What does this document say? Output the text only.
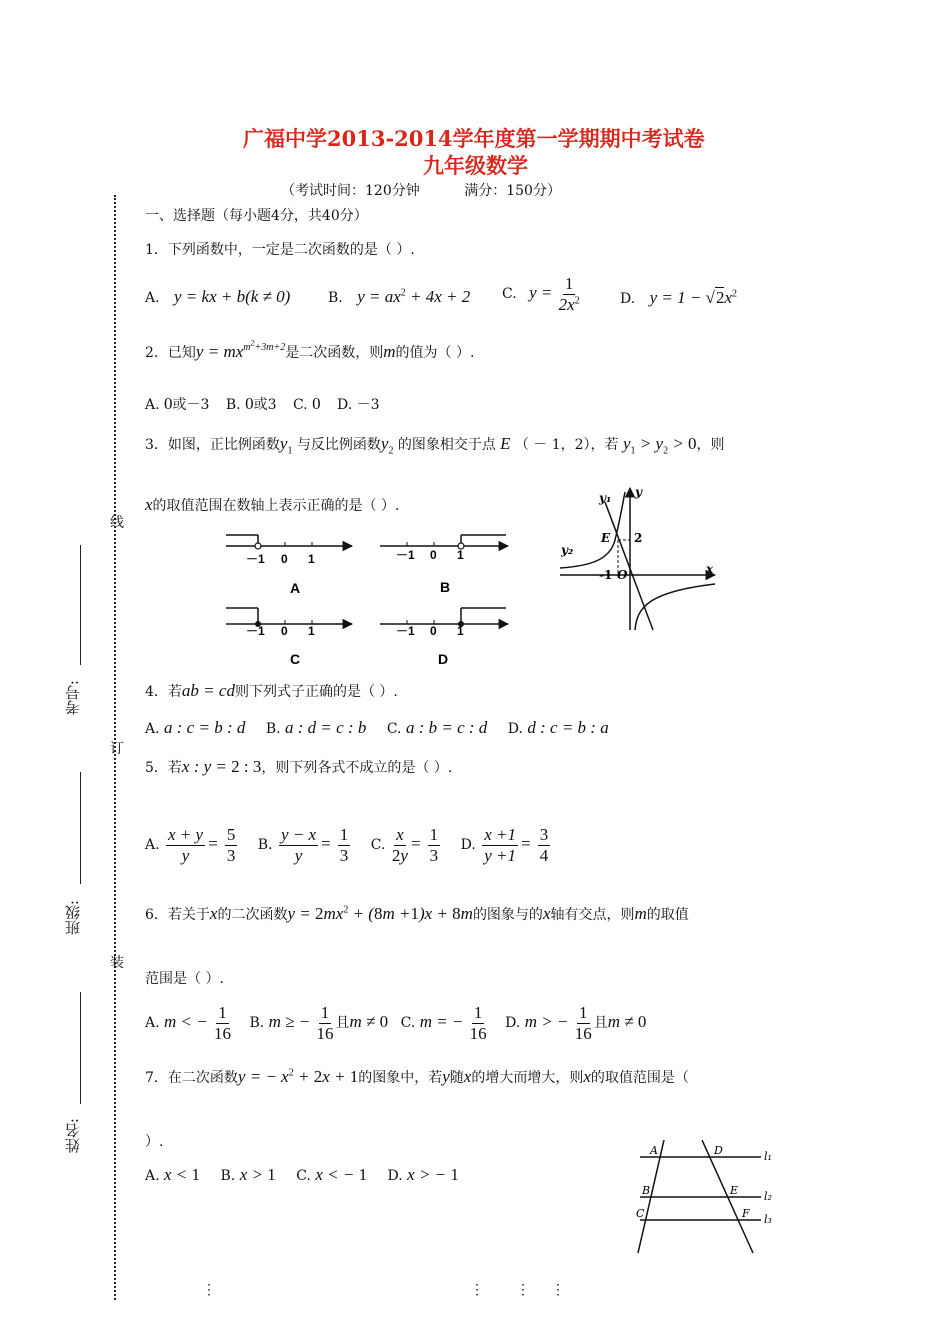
广福中学2013-2014学年度第一学期期中考试卷
九年级数学
（考试时间：120分钟          满分：150分）
线
订
装
考号:
班级:
姓名:
一、选择题（每小题4分，共40分）
1．下列函数中，一定是二次函数的是（ ）.
A. y = kx + b(k ≠ 0)	B. $y = ax^2 + 4x + 2$ C. $y = \frac{1}{2x^2}$	D. $y = 1 - √2x^2$
2．已知$y = mx^{m^2+3m+2}$是二次函数，则m的值为（ ）.
A. 0或－3 B. 0或3 C. 0 D. －3
3．如图，正比例函数$y_1$ 与反比例函数$y_2$ 的图象相交于点 E （ － 1，2），若 $y_1 > y_2 > 0$，则
x的取值范围在数轴上表示正确的是（ ）.
－1 0 1
A
－1 0 1
C
－1 0 1
B
－1 0 1
D
y₁ y
y₂
E 2
-1 O	x
4．若ab = cd则下列式子正确的是（ ）.
A. a : c = b : d B. a : d = c : b C. a : b = c : d D. d : c = b : a
5．若x : y = 2 : 3，则下列各式不成立的是（ ）.
A. $\frac{x + y}{y} = \frac{5}{3} B$. $\frac{y - x}{y} = \frac{1}{3} C$. $\frac{x}{2y} = \frac{1}{3} D$. $\frac{x +1}{y +1} = \frac{3}{4}$
6．若关于x的二次函数$y = 2mx^2 + (8m +1)x + 8m$的图象与的x轴有交点，则m的取值
范围是（ ）.
A. m < − $\frac{1}{16} B$. m ≥ − $\frac{1}{16}$ 且m ≠ 0 C. m = − $\frac{1}{16} D$. m > − $\frac{1}{16}$ 且m ≠ 0
7．在二次函数y = − $x^2 + 2x + 1$的图象中，若y随x的增大而增大，则x的取值范围是（
）.
A. x < 1 B. x > 1 C. x < − 1 D. x > − 1
A	D
B	E
C	F
l₁
l₂
l₃
⋮	⋮ ⋮ ⋮
